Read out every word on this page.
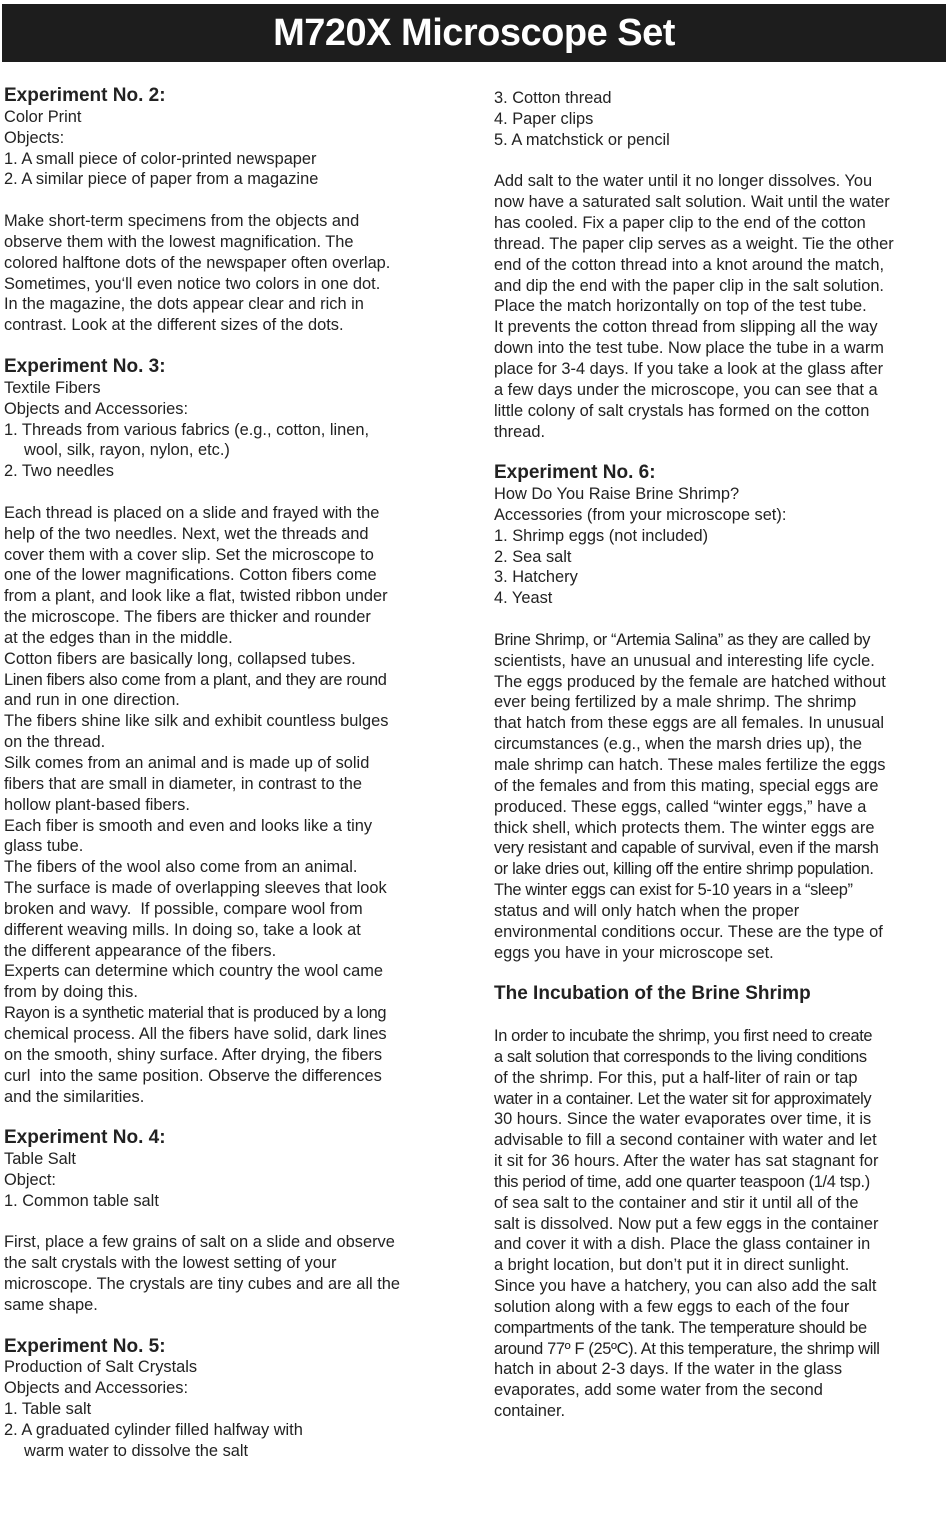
M720X Microscope Set

Experiment No. 2:

Color Print

Objects:

1. A small piece of color-printed newspaper

2. A similar piece of paper from a magazine

Make short-term specimens from the objects and

observe them with the lowest magnification. The

colored halftone dots of the newspaper often overlap.

Sometimes, you‘ll even notice two colors in one dot.

In the magazine, the dots appear clear and rich in

contrast. Look at the different sizes of the dots.

Experiment No. 3:

Textile Fibers

Objects and Accessories:

1. Threads from various fabrics (e.g., cotton, linen,

wool, silk, rayon, nylon, etc.)

2. Two needles

Each thread is placed on a slide and frayed with the

help of the two needles. Next, wet the threads and

cover them with a cover slip. Set the microscope to

one of the lower magnifications. Cotton fibers come

from a plant, and look like a flat, twisted ribbon under

the microscope. The fibers are thicker and rounder

at the edges than in the middle.

Cotton fibers are basically long, collapsed tubes.

Linen fibers also come from a plant, and they are round

and run in one direction.

The fibers shine like silk and exhibit countless bulges

on the thread.

Silk comes from an animal and is made up of solid

fibers that are small in diameter, in contrast to the

hollow plant-based fibers.

Each fiber is smooth and even and looks like a tiny

glass tube.

The fibers of the wool also come from an animal.

The surface is made of overlapping sleeves that look

broken and wavy.  If possible, compare wool from

different weaving mills. In doing so, take a look at

the different appearance of the fibers.

Experts can determine which country the wool came

from by doing this.

Rayon is a synthetic material that is produced by a long

chemical process. All the fibers have solid, dark lines

on the smooth, shiny surface. After drying, the fibers

curl  into the same position. Observe the differences

and the similarities.

Experiment No. 4:

Table Salt

Object:

1. Common table salt

First, place a few grains of salt on a slide and observe

the salt crystals with the lowest setting of your

microscope. The crystals are tiny cubes and are all the

same shape.

Experiment No. 5:

Production of Salt Crystals

Objects and Accessories:

1. Table salt

2. A graduated cylinder filled halfway with

warm water to dissolve the salt

3. Cotton thread

4. Paper clips

5. A matchstick or pencil

Add salt to the water until it no longer dissolves. You

now have a saturated salt solution. Wait until the water

has cooled. Fix a paper clip to the end of the cotton

thread. The paper clip serves as a weight. Tie the other

end of the cotton thread into a knot around the match,

and dip the end with the paper clip in the salt solution.

Place the match horizontally on top of the test tube.

It prevents the cotton thread from slipping all the way

down into the test tube. Now place the tube in a warm

place for 3-4 days. If you take a look at the glass after

a few days under the microscope, you can see that a

little colony of salt crystals has formed on the cotton

thread.

Experiment No. 6:

How Do You Raise Brine Shrimp?

Accessories (from your microscope set):

1. Shrimp eggs (not included)

2. Sea salt

3. Hatchery

4. Yeast

Brine Shrimp, or “Artemia Salina” as they are called by

scientists, have an unusual and interesting life cycle.

The eggs produced by the female are hatched without

ever being fertilized by a male shrimp. The shrimp

that hatch from these eggs are all females. In unusual

circumstances (e.g., when the marsh dries up), the

male shrimp can hatch. These males fertilize the eggs

of the females and from this mating, special eggs are

produced. These eggs, called “winter eggs,” have a

thick shell, which protects them. The winter eggs are

very resistant and capable of survival, even if the marsh

or lake dries out, killing off the entire shrimp population.

The winter eggs can exist for 5-10 years in a “sleep”

status and will only hatch when the proper

environmental conditions occur. These are the type of

eggs you have in your microscope set.

The Incubation of the Brine Shrimp

In order to incubate the shrimp, you first need to create

a salt solution that corresponds to the living conditions

of the shrimp. For this, put a half-liter of rain or tap

water in a container. Let the water sit for approximately

30 hours. Since the water evaporates over time, it is

advisable to fill a second container with water and let

it sit for 36 hours. After the water has sat stagnant for

this period of time, add one quarter teaspoon (1/4 tsp.)

of sea salt to the container and stir it until all of the

salt is dissolved. Now put a few eggs in the container

and cover it with a dish. Place the glass container in

a bright location, but don’t put it in direct sunlight.

Since you have a hatchery, you can also add the salt

solution along with a few eggs to each of the four

compartments of the tank. The temperature should be

around 77º F (25ºC). At this temperature, the shrimp will

hatch in about 2-3 days. If the water in the glass

evaporates, add some water from the second

container.
